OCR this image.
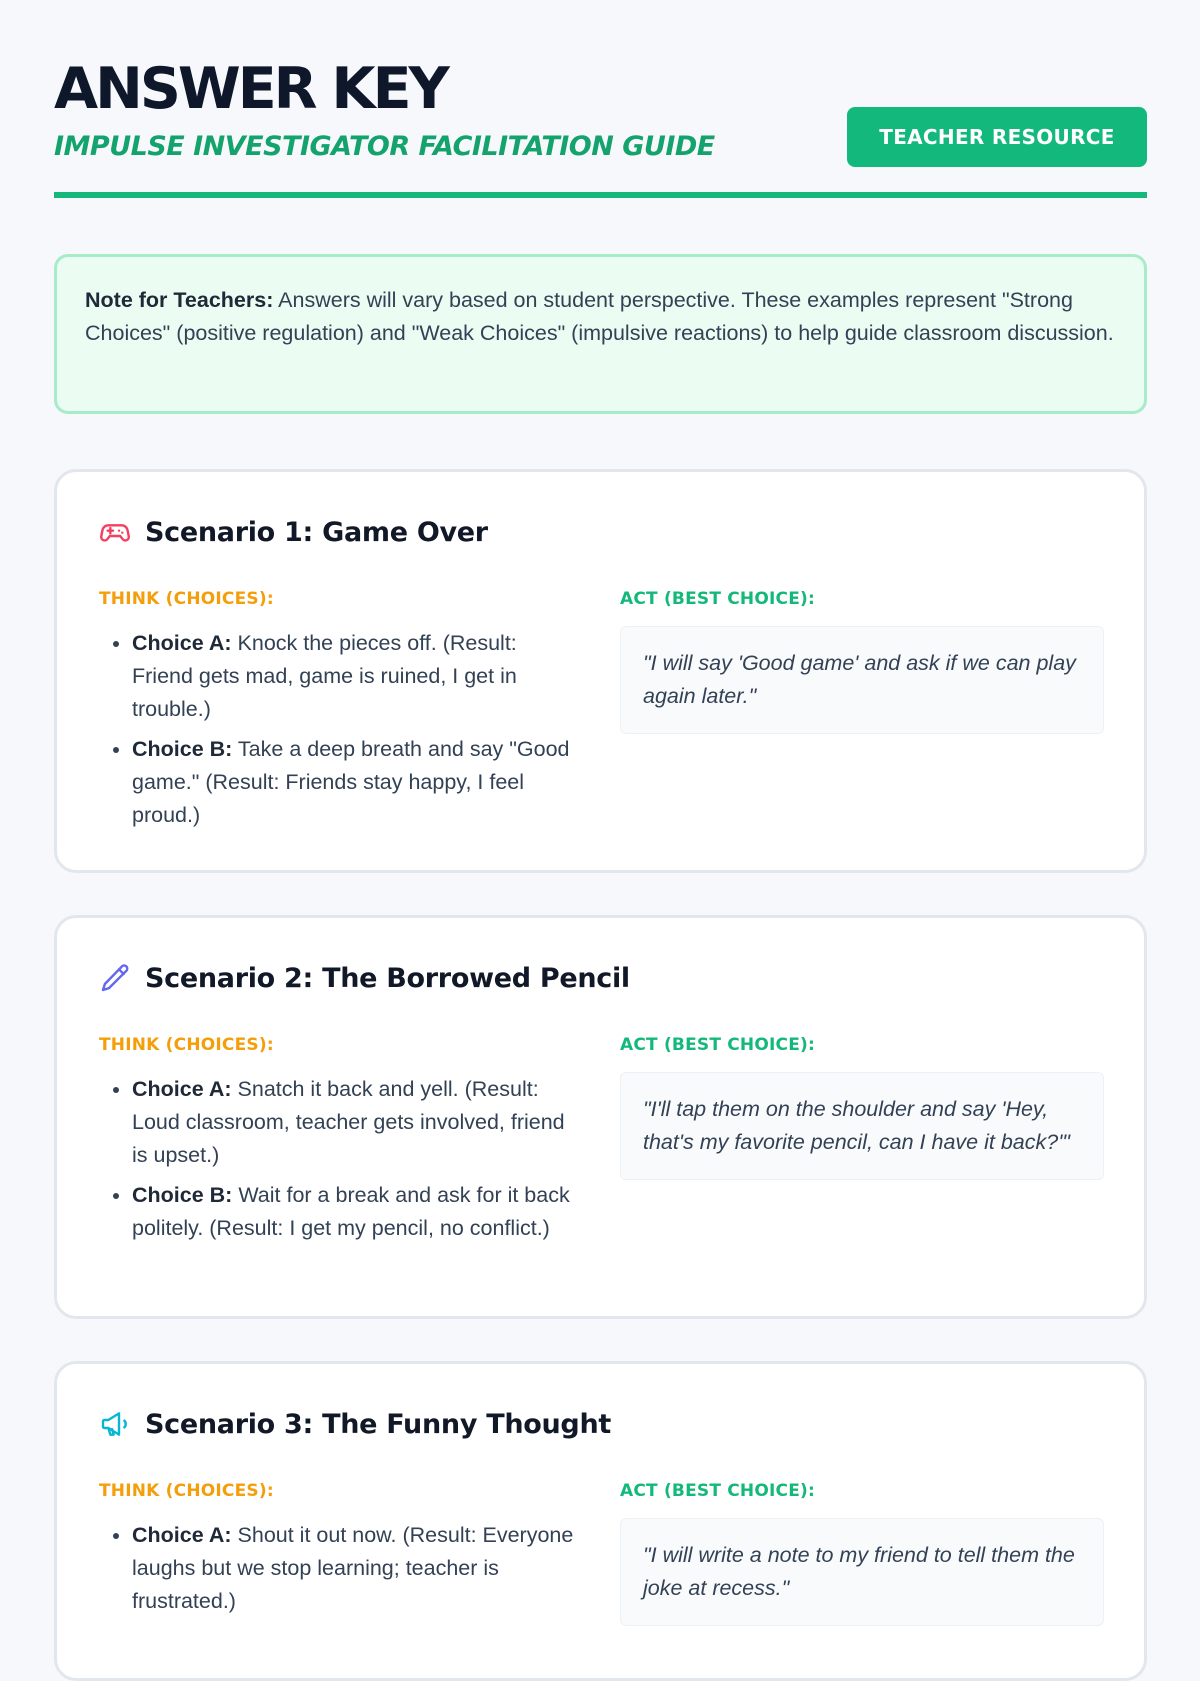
ANSWER KEY

IMPULSE INVESTIGATOR FACILITATION GUIDE	TEACHER RESOURCE
Note for Teachers: Answers will vary based on student perspective. These examples represent "Strong Choices" (positive regulation) and "Weak Choices" (impulsive reactions) to help guide classroom discussion.
Scenario 1: Game Over
THINK (CHOICES):	ACT (BEST CHOICE):
• Choice A: Knock the pieces off. (Result: Friend gets mad, game is ruined, I get in trouble.)
• Choice B: Take a deep breath and say "Good game." (Result: Friends stay happy, I feel proud.)
"I will say 'Good game' and ask if we can play again later."
Scenario 2: The Borrowed Pencil
THINK (CHOICES):	ACT (BEST CHOICE):
• Choice A: Snatch it back and yell. (Result: Loud classroom, teacher gets involved, friend is upset.)
• Choice B: Wait for a break and ask for it back politely. (Result: I get my pencil, no conflict.)
"I'll tap them on the shoulder and say 'Hey, that's my favorite pencil, can I have it back?'"
Scenario 3: The Funny Thought
THINK (CHOICES):	ACT (BEST CHOICE):
• Choice A: Shout it out now. (Result: Everyone laughs but we stop learning; teacher is frustrated.)
"I will write a note to my friend to tell them the joke at recess."
